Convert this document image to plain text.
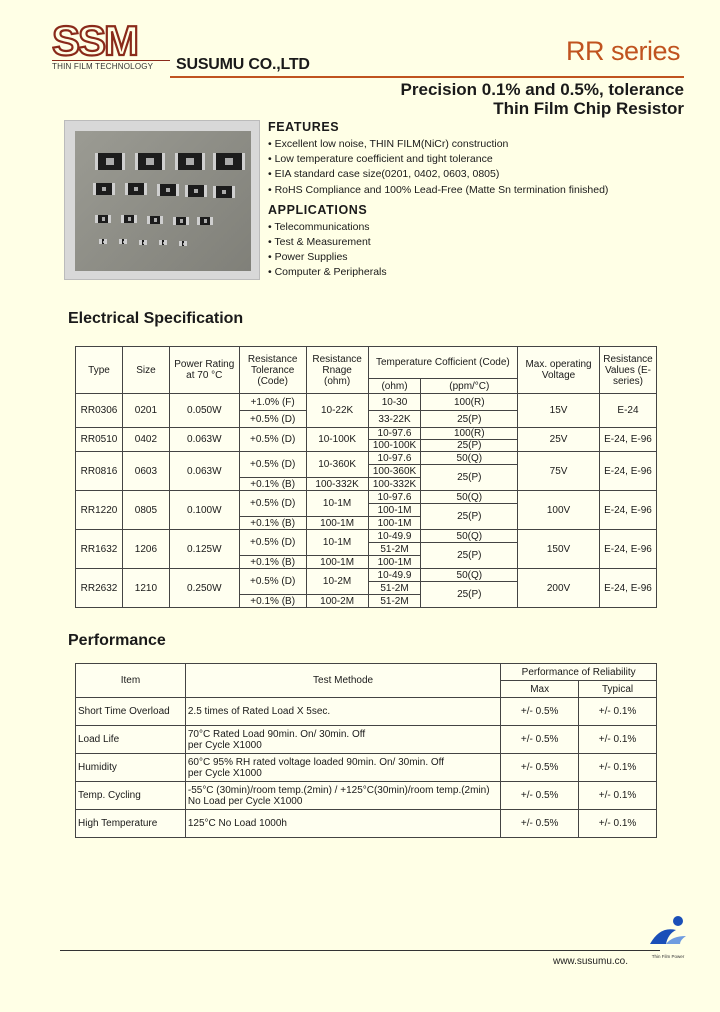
SSM
THIN FILM TECHNOLOGY	SUSUMU CO.,LTD	RR series
Precision 0.1% and 0.5%, tolerance
Thin Film Chip Resistor
FEATURES
• Excellent low noise, THIN FILM(NiCr) construction
• Low temperature coefficient and tight tolerance
• EIA standard case size(0201, 0402, 0603, 0805)
• RoHS Compliance and 100% Lead-Free (Matte Sn termination finished)
APPLICATIONS
• Telecommunications
• Test & Measurement
• Power Supplies
• Computer & Peripherals
Electrical Specification
Type	Size	Power Rating at 70 °C	Resistance Tolerance (Code)	Resistance Rnage (ohm)	Temperature Cofficient (Code)		Max. operating Voltage	Resistance Values (E-series)
					(ohm)	(ppm/°C)		
RR0306	0201	0.050W	+1.0% (F)	10-22K	10-30	100(R)	15V	E-24
			+0.5% (D)		33-22K	25(P)		
RR0510	0402	0.063W	+0.5% (D)	10-100K	10-97.6	100(R)	25V	E-24, E-96
					100-100K	25(P)		
RR0816	0603	0.063W	+0.5% (D)	10-360K	10-97.6	50(Q)	75V	E-24, E-96
					100-360K	25(P)		
			+0.1% (B)	100-332K	100-332K			
RR1220	0805	0.100W	+0.5% (D)	10-1M	10-97.6	50(Q)	100V	E-24, E-96
					100-1M	25(P)		
			+0.1% (B)	100-1M	100-1M			
RR1632	1206	0.125W	+0.5% (D)	10-1M	10-49.9	50(Q)	150V	E-24, E-96
					51-2M	25(P)		
			+0.1% (B)	100-1M	100-1M			
RR2632	1210	0.250W	+0.5% (D)	10-2M	10-49.9	50(Q)	200V	E-24, E-96
					51-2M	25(P)		
			+0.1% (B)	100-2M	51-2M			
Performance
Item	Test Methode	Performance of Reliability	
		Max	Typical
Short Time Overload	2.5 times of Rated Load X 5sec.	+/- 0.5%	+/- 0.1%
Load Life	70°C Rated Load 90min. On/ 30min. Off
per Cycle X1000	+/- 0.5%	+/- 0.1%
Humidity	60°C 95% RH rated voltage loaded 90min. On/ 30min. Off
per Cycle X1000	+/- 0.5%	+/- 0.1%
Temp. Cycling	-55°C (30min)/room temp.(2min) / +125°C(30min)/room temp.(2min)
No Load per Cycle X1000	+/- 0.5%	+/- 0.1%
High Temperature	125°C No Load 1000h	+/- 0.5%	+/- 0.1%
Thin Film Power
www.susumu.co.
